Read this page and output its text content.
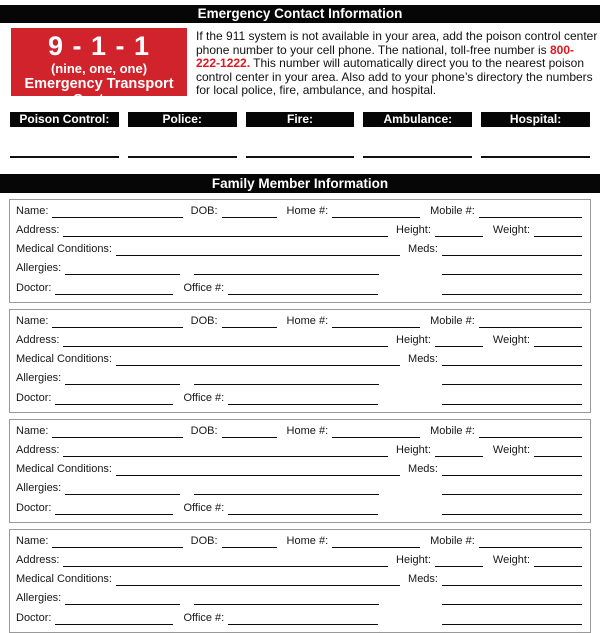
Emergency Contact Information
9 - 1 - 1
(nine, one, one)
Emergency Transport System
If the 911 system is not available in your area, add the poison control center phone number to your cell phone. The national, toll-free number is 800-222-1222. This number will automatically direct you to the nearest poison control center in your area. Also add to your phone’s directory the numbers for local police, fire, ambulance, and hospital.
Poison Control:	Police:	Fire:	Ambulance:	Hospital:
Family Member Information
Name:	DOB:	Home #:	Mobile #:
Address:	Height:	Weight:
Medical Conditions:	Meds:
Allergies:
Doctor:	Office #:
Name:	DOB:	Home #:	Mobile #:
Address:	Height:	Weight:
Medical Conditions:	Meds:
Allergies:
Doctor:	Office #:
Name:	DOB:	Home #:	Mobile #:
Address:	Height:	Weight:
Medical Conditions:	Meds:
Allergies:
Doctor:	Office #:
Name:	DOB:	Home #:	Mobile #:
Address:	Height:	Weight:
Medical Conditions:	Meds:
Allergies:
Doctor:	Office #:
